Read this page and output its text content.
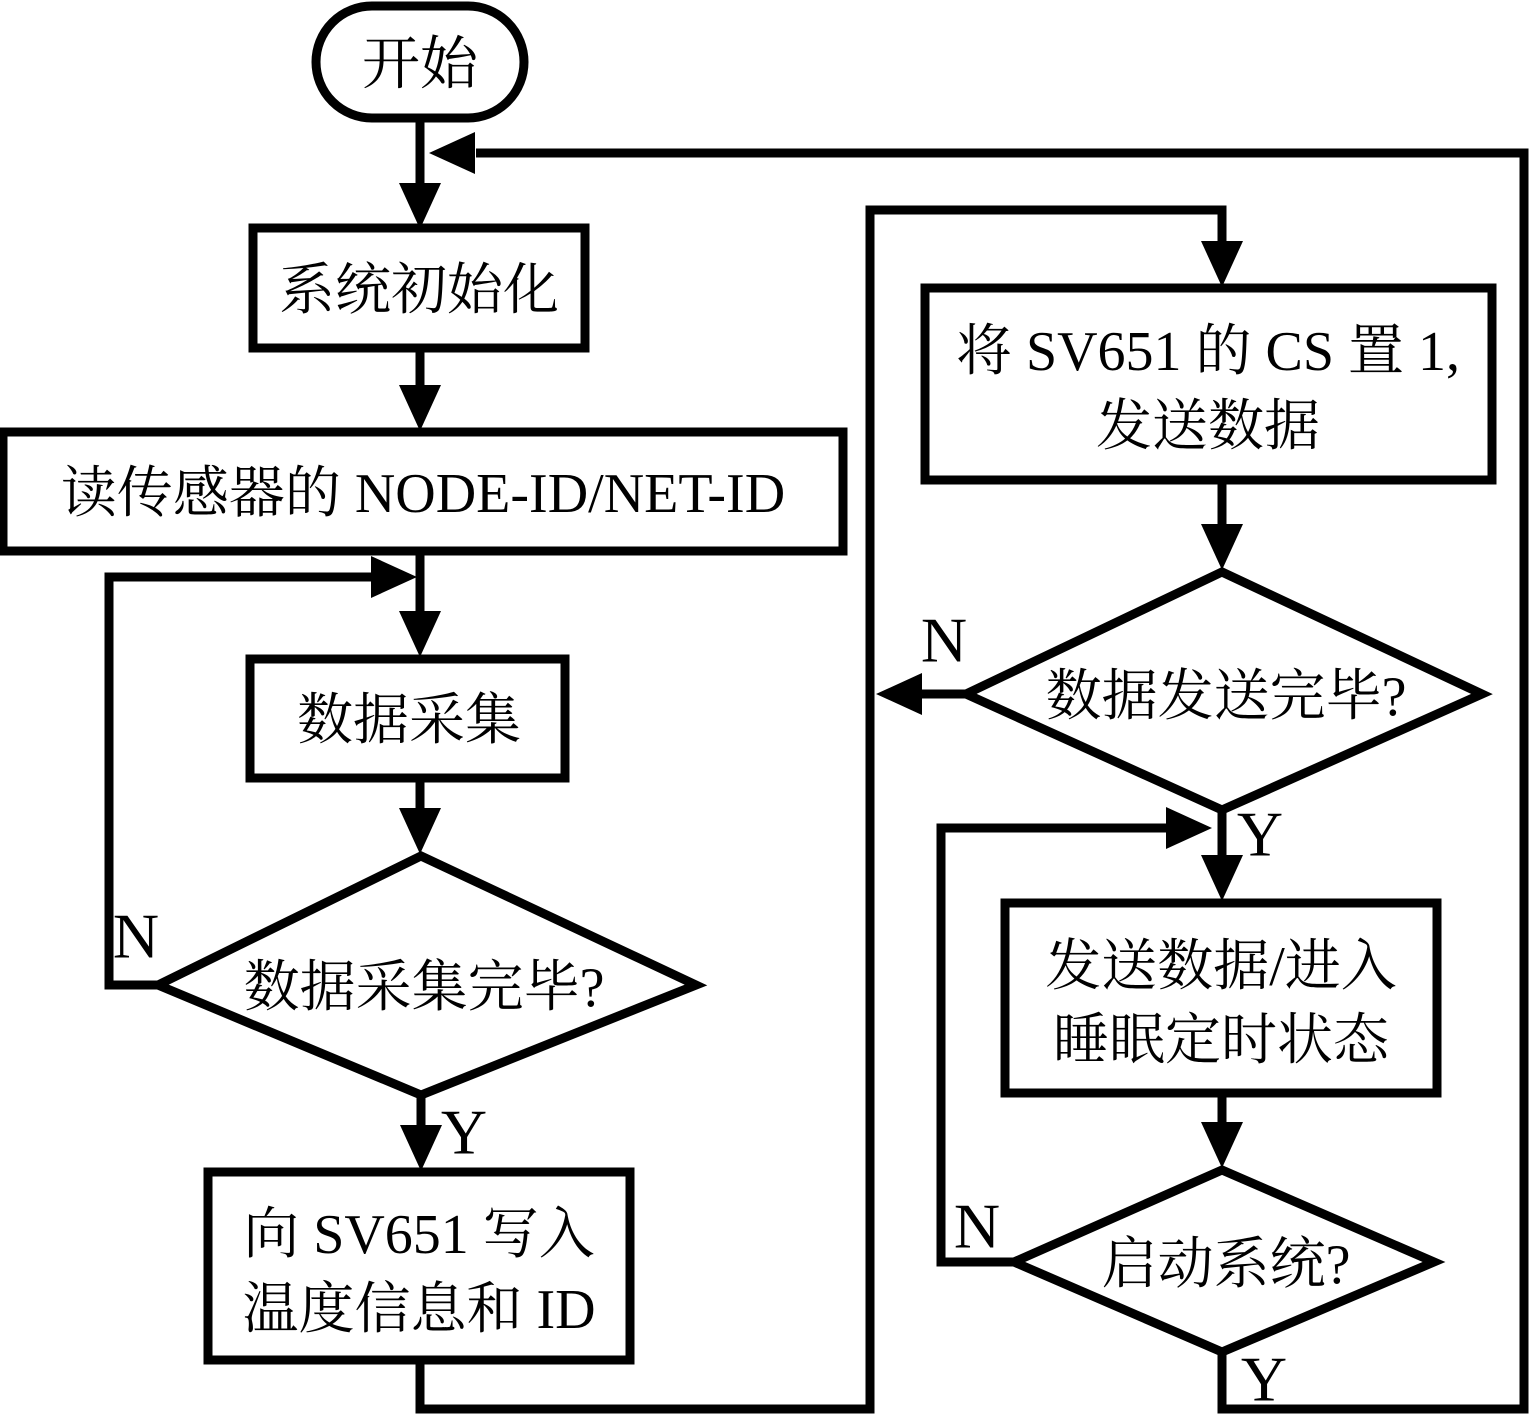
开始
系统初始化
读传感器的 NODE-ID/NET-ID
数据采集
数据采集完毕?
N
Y
向 SV651 写入
温度信息和 ID
将 SV651 的 CS 置 1,
发送数据
数据发送完毕?
N
Y
发送数据/进入
睡眠定时状态
启动系统?
N
Y
